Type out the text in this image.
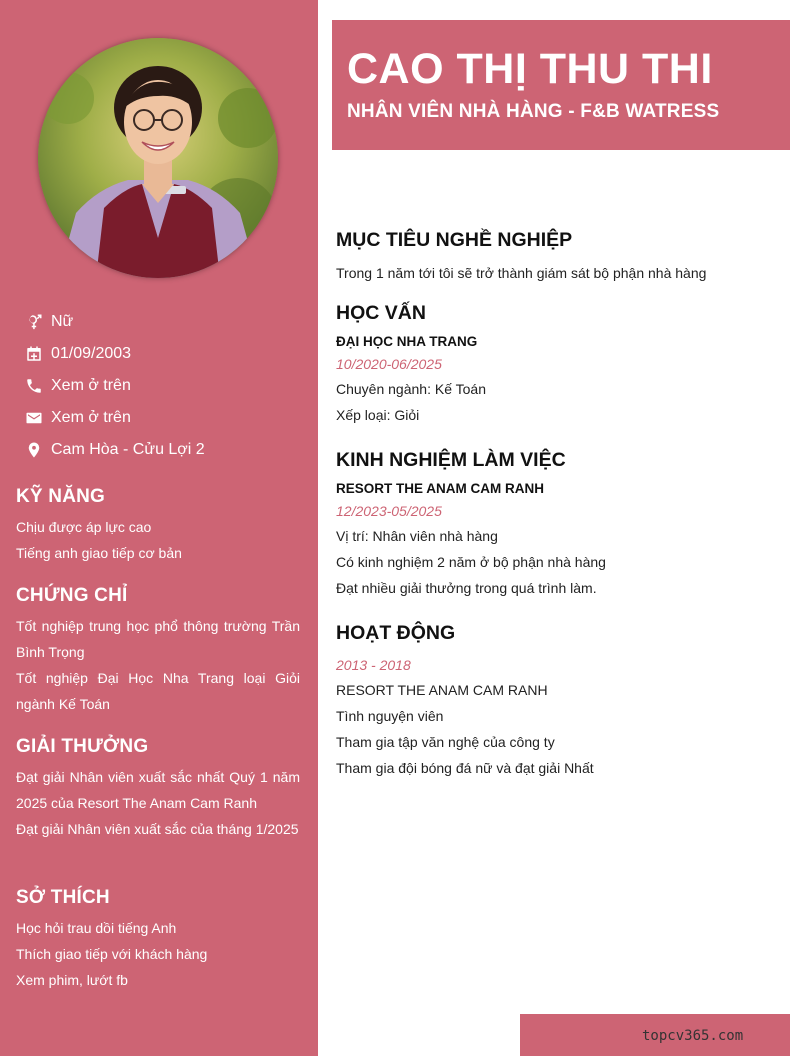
Nữ
01/09/2003
Xem ở trên
Xem ở trên
Cam Hòa - Cửu Lợi 2
KỸ NĂNG
Chịu được áp lực cao
Tiếng anh giao tiếp cơ bản
CHỨNG CHỈ
Tốt nghiệp trung học phổ thông trường Trần Bình Trọng
Tốt nghiệp Đại Học Nha Trang loại Giỏi ngành Kế Toán
GIẢI THƯỞNG
Đạt giải Nhân viên xuất sắc nhất Quý 1 năm 2025 của Resort The Anam Cam Ranh
Đạt giải Nhân viên xuất sắc của tháng 1/2025
SỞ THÍCH
Học hỏi trau dồi tiếng Anh
Thích giao tiếp với khách hàng
Xem phim, lướt fb
CAO THỊ THU THI
NHÂN VIÊN NHÀ HÀNG - F&B WATRESS
MỤC TIÊU NGHỀ NGHIỆP
Trong 1 năm tới tôi sẽ trở thành giám sát bộ phận nhà hàng
HỌC VẤN
ĐẠI HỌC NHA TRANG
10/2020-06/2025
Chuyên ngành: Kế Toán
Xếp loại: Giỏi
KINH NGHIỆM LÀM VIỆC
RESORT THE ANAM CAM RANH
12/2023-05/2025
Vị trí: Nhân viên nhà hàng
Có kinh nghiệm 2 năm ở bộ phận nhà hàng
Đạt nhiều giải thưởng trong quá trình làm.
HOẠT ĐỘNG
2013 - 2018
RESORT THE ANAM CAM RANH
Tình nguyện viên
Tham gia tập văn nghệ của công ty
Tham gia đội bóng đá nữ và đạt giải Nhất
topcv365.com
